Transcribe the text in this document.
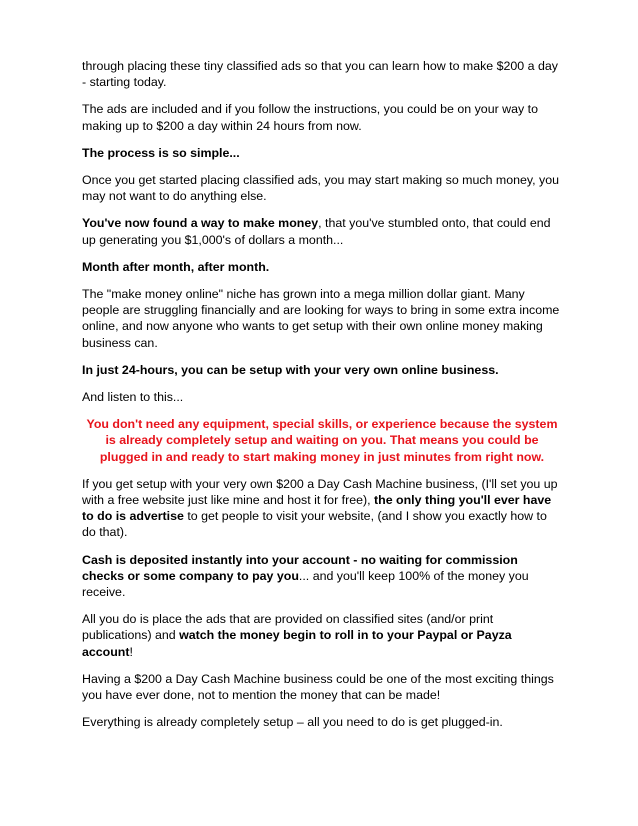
through placing these tiny classified ads so that you can learn how to make $200 a day - starting today.

The ads are included and if you follow the instructions, you could be on your way to making up to $200 a day within 24 hours from now.

The process is so simple...

Once you get started placing classified ads, you may start making so much money, you may not want to do anything else.

You've now found a way to make money, that you've stumbled onto, that could end up generating you $1,000's of dollars a month...

Month after month, after month.

The "make money online" niche has grown into a mega million dollar giant. Many people are struggling financially and are looking for ways to bring in some extra income online, and now anyone who wants to get setup with their own online money making business can.

In just 24-hours, you can be setup with your very own online business.

And listen to this...

You don't need any equipment, special skills, or experience because the system is already completely setup and waiting on you. That means you could be plugged in and ready to start making money in just minutes from right now.

If you get setup with your very own $200 a Day Cash Machine business, (I'll set you up with a free website just like mine and host it for free), the only thing you'll ever have to do is advertise to get people to visit your website, (and I show you exactly how to do that).

Cash is deposited instantly into your account - no waiting for commission checks or some company to pay you... and you'll keep 100% of the money you receive.

All you do is place the ads that are provided on classified sites (and/or print publications) and watch the money begin to roll in to your Paypal or Payza account!

Having a $200 a Day Cash Machine business could be one of the most exciting things you have ever done, not to mention the money that can be made!

Everything is already completely setup – all you need to do is get plugged-in.
